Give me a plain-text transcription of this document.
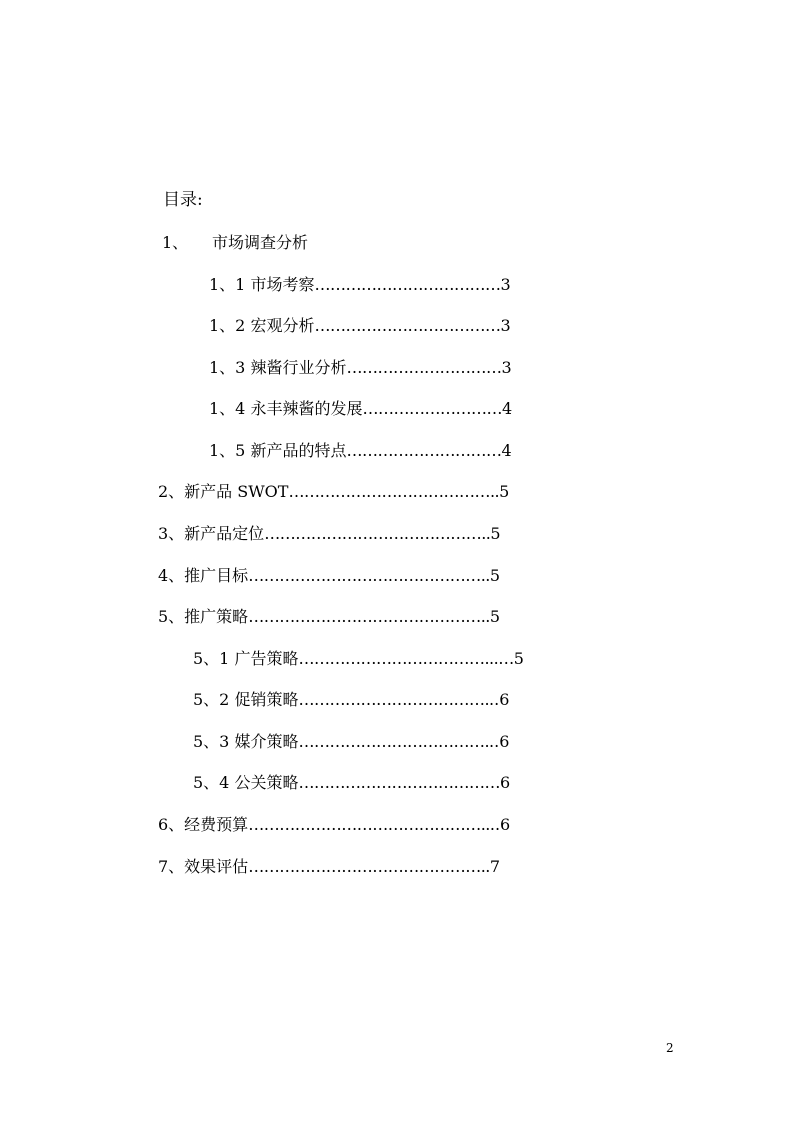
目录:
1、 市场调查分析
1、1 市场考察………………………………3
1、2 宏观分析………………………………3
1、3 辣酱行业分析…………………………3
1、4 永丰辣酱的发展………………………4
1、5 新产品的特点…………………………4
2、新产品 SWOT…………………………………..5
3、新产品定位……………………………………..5
4、推广目标………………………………………..5
5、推广策略………………………………………..5
5、1 广告策略………………………………...…5
5、2 促销策略………………………………...6
5、3 媒介策略………………………………...6
5、4 公关策略…………………………………6
6、经费预算………………………………………....6
7、效果评估………………………………………..7
2
